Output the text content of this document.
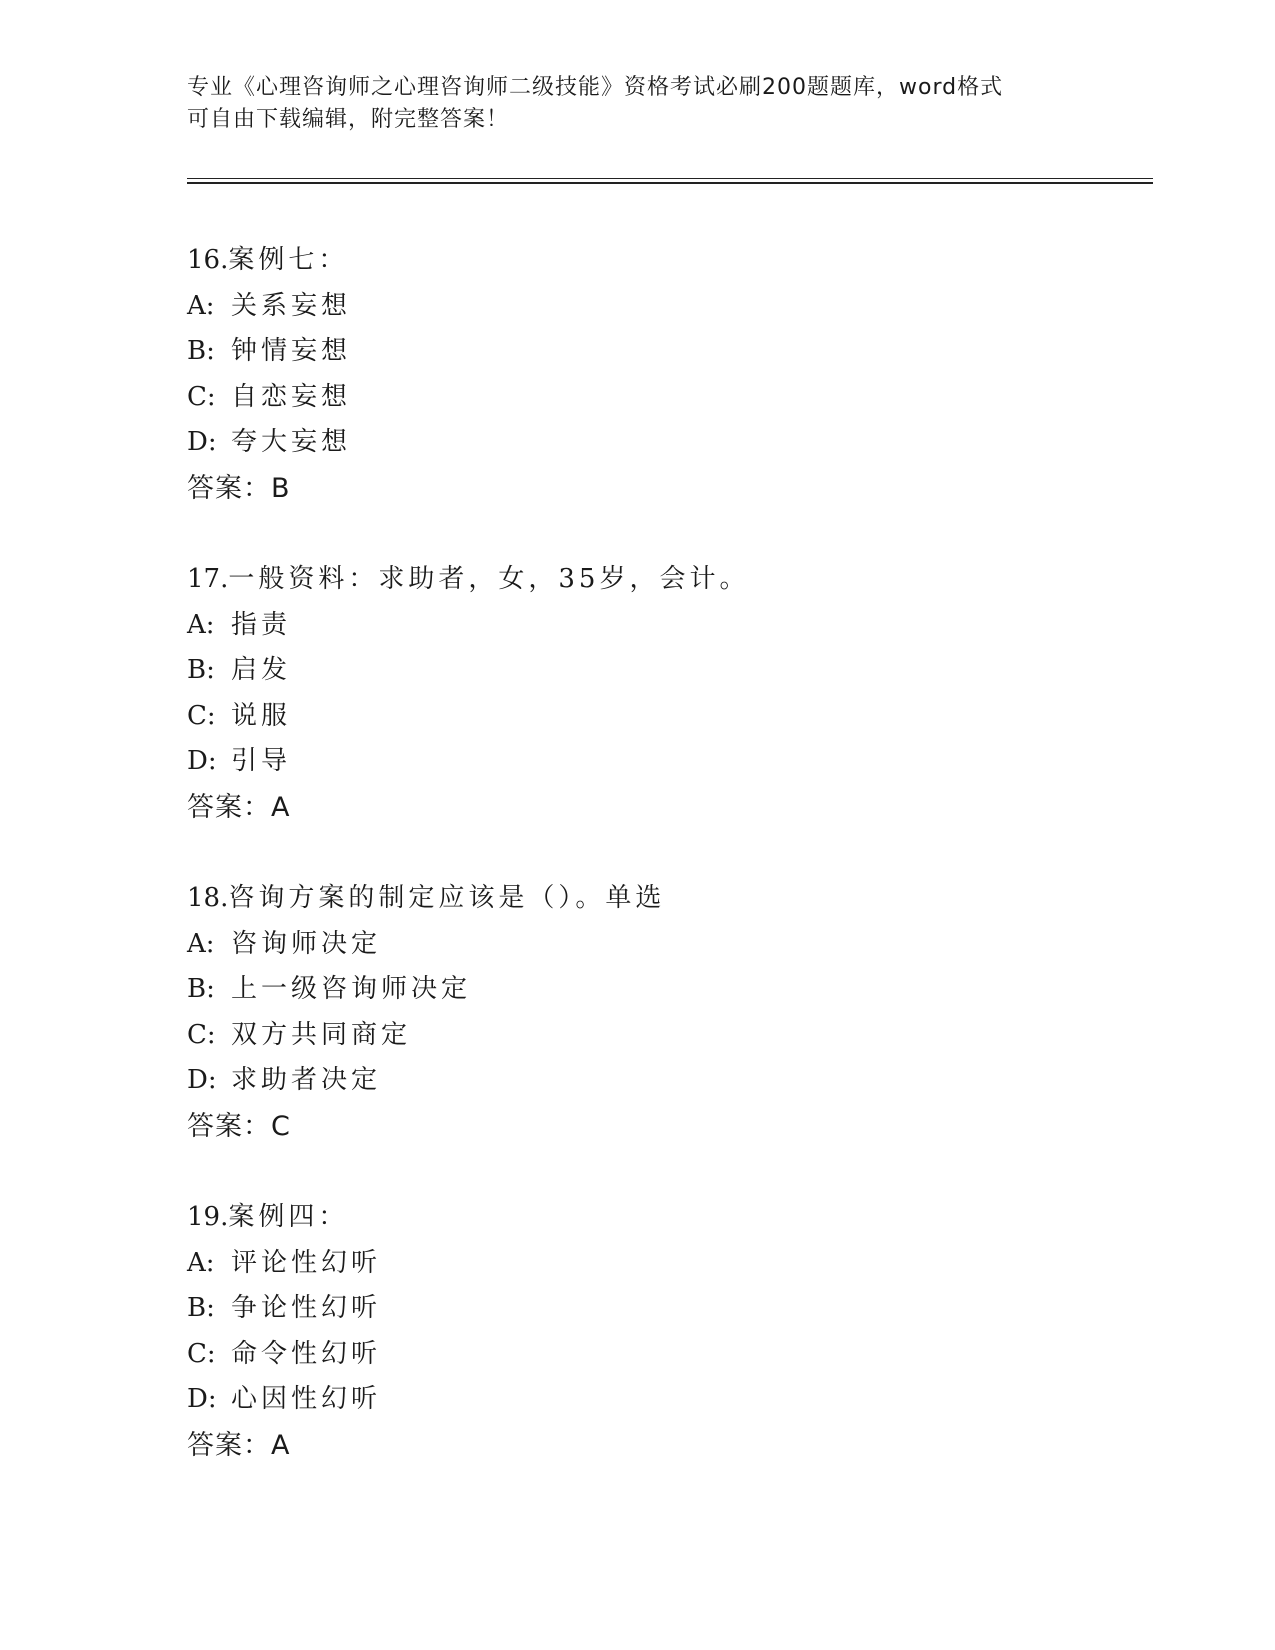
专业《心理咨询师之心理咨询师二级技能》资格考试必刷200题题库，word格式
可自由下载编辑，附完整答案！
16.案例七：
A: 关系妄想
B: 钟情妄想
C: 自恋妄想
D: 夸大妄想
答案：B
17.一般资料：求助者，女，35岁，会计。
A: 指责
B: 启发
C: 说服
D: 引导
答案：A
18.咨询方案的制定应该是（）。单选
A: 咨询师决定
B: 上一级咨询师决定
C: 双方共同商定
D: 求助者决定
答案：C
19.案例四：
A: 评论性幻听
B: 争论性幻听
C: 命令性幻听
D: 心因性幻听
答案：A
